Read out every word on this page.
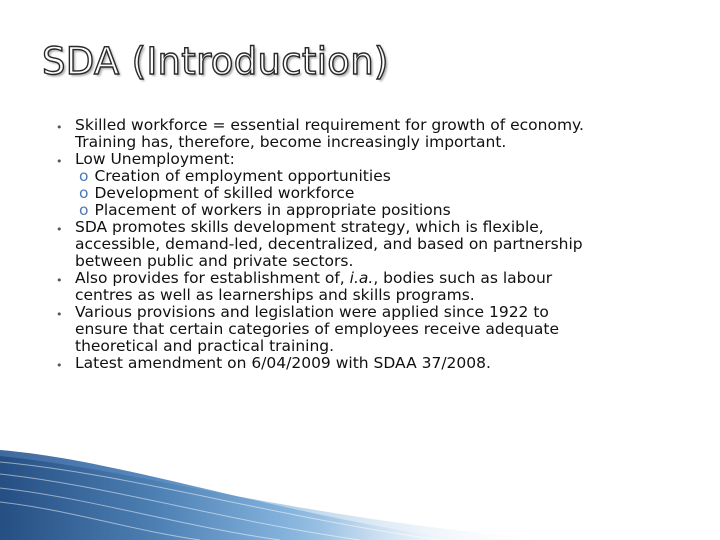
SDA (Introduction)
• Skilled workforce = essential requirement for growth of economy.
Training has, therefore, become increasingly important.
• Low Unemployment:
o Creation of employment opportunities
o Development of skilled workforce
o Placement of workers in appropriate positions
• SDA promotes skills development strategy, which is flexible,
accessible, demand-led, decentralized, and based on partnership
between public and private sectors.
• Also provides for establishment of, i.a., bodies such as labour
centres as well as learnerships and skills programs.
• Various provisions and legislation were applied since 1922 to
ensure that certain categories of employees receive adequate
theoretical and practical training.
• Latest amendment on 6/04/2009 with SDAA 37/2008.
